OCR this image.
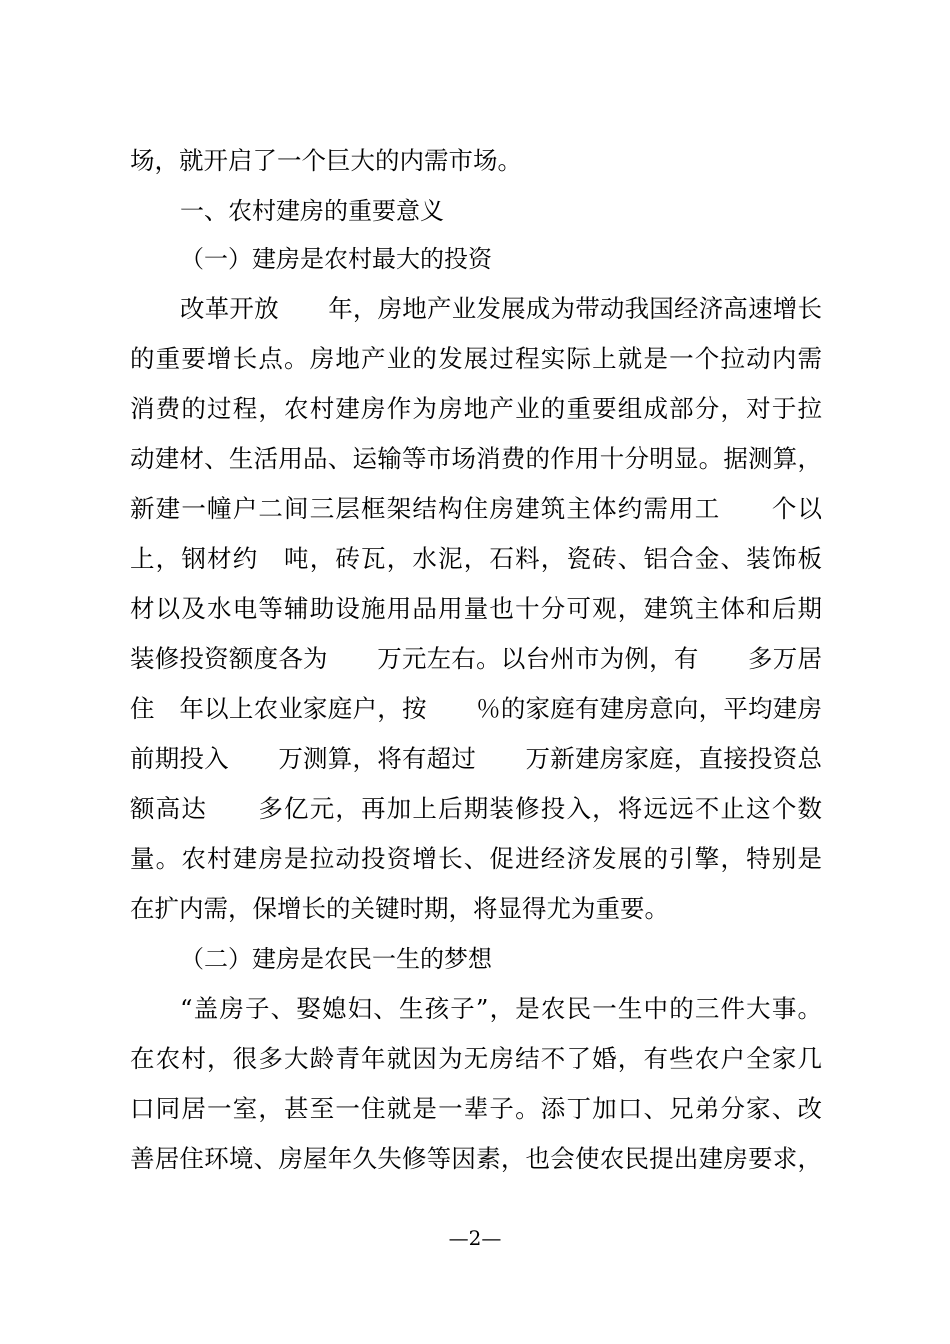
场，就开启了一个巨大的内需市场。
一、农村建房的重要意义
（一）建房是农村最大的投资
改革开放　　年，房地产业发展成为带动我国经济高速增长
的重要增长点。房地产业的发展过程实际上就是一个拉动内需
消费的过程，农村建房作为房地产业的重要组成部分，对于拉
动建材、生活用品、运输等市场消费的作用十分明显。据测算，
新建一幢户二间三层框架结构住房建筑主体约需用工　　个以
上，钢材约　吨，砖瓦，水泥，石料，瓷砖、铝合金、装饰板
材以及水电等辅助设施用品用量也十分可观，建筑主体和后期
装修投资额度各为　　万元左右。以台州市为例，有　　多万居
住　年以上农业家庭户，按　　％的家庭有建房意向，平均建房
前期投入　　万测算，将有超过　　万新建房家庭，直接投资总
额高达　　多亿元，再加上后期装修投入，将远远不止这个数
量。农村建房是拉动投资增长、促进经济发展的引擎，特别是
在扩内需，保增长的关键时期，将显得尤为重要。
（二）建房是农民一生的梦想
“盖房子、娶媳妇、生孩子”，是农民一生中的三件大事。
在农村，很多大龄青年就因为无房结不了婚，有些农户全家几
口同居一室，甚至一住就是一辈子。添丁加口、兄弟分家、改
善居住环境、房屋年久失修等因素，也会使农民提出建房要求，
—2—
